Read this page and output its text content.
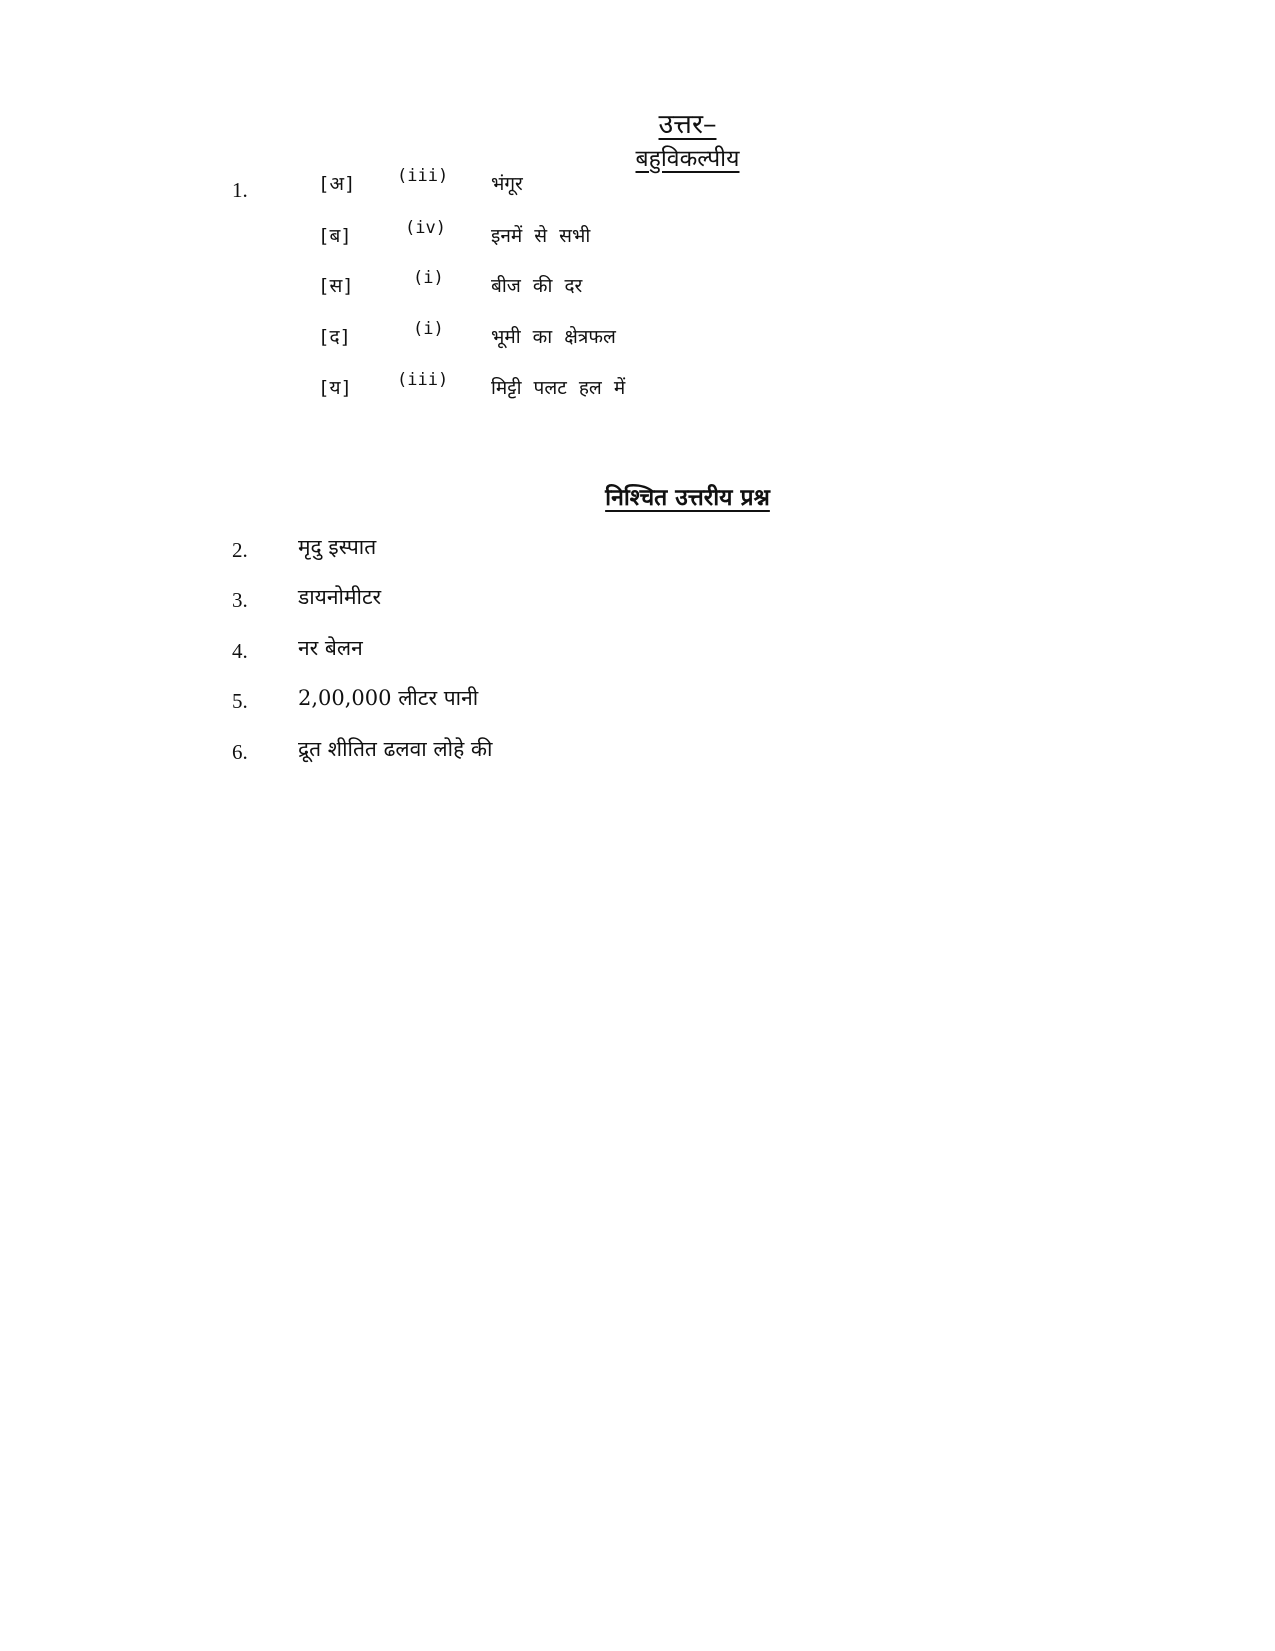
उत्तर–
बहुविकल्पीय
1.	[अ] (iii) भंगूर
[ब]	(iv) इनमें से सभी
[स]	(i) बीज की दर
[द]	(i) भूमी का क्षेत्रफल
[य]	(iii) मिट्टी पलट हल में
निश्चित उत्तरीय प्रश्न
2. मृदु इस्पात
3. डायनोमीटर
4. नर बेलन
5. 2,00,000 लीटर पानी
6. द्रूत शीतित ढलवा लोहे की
